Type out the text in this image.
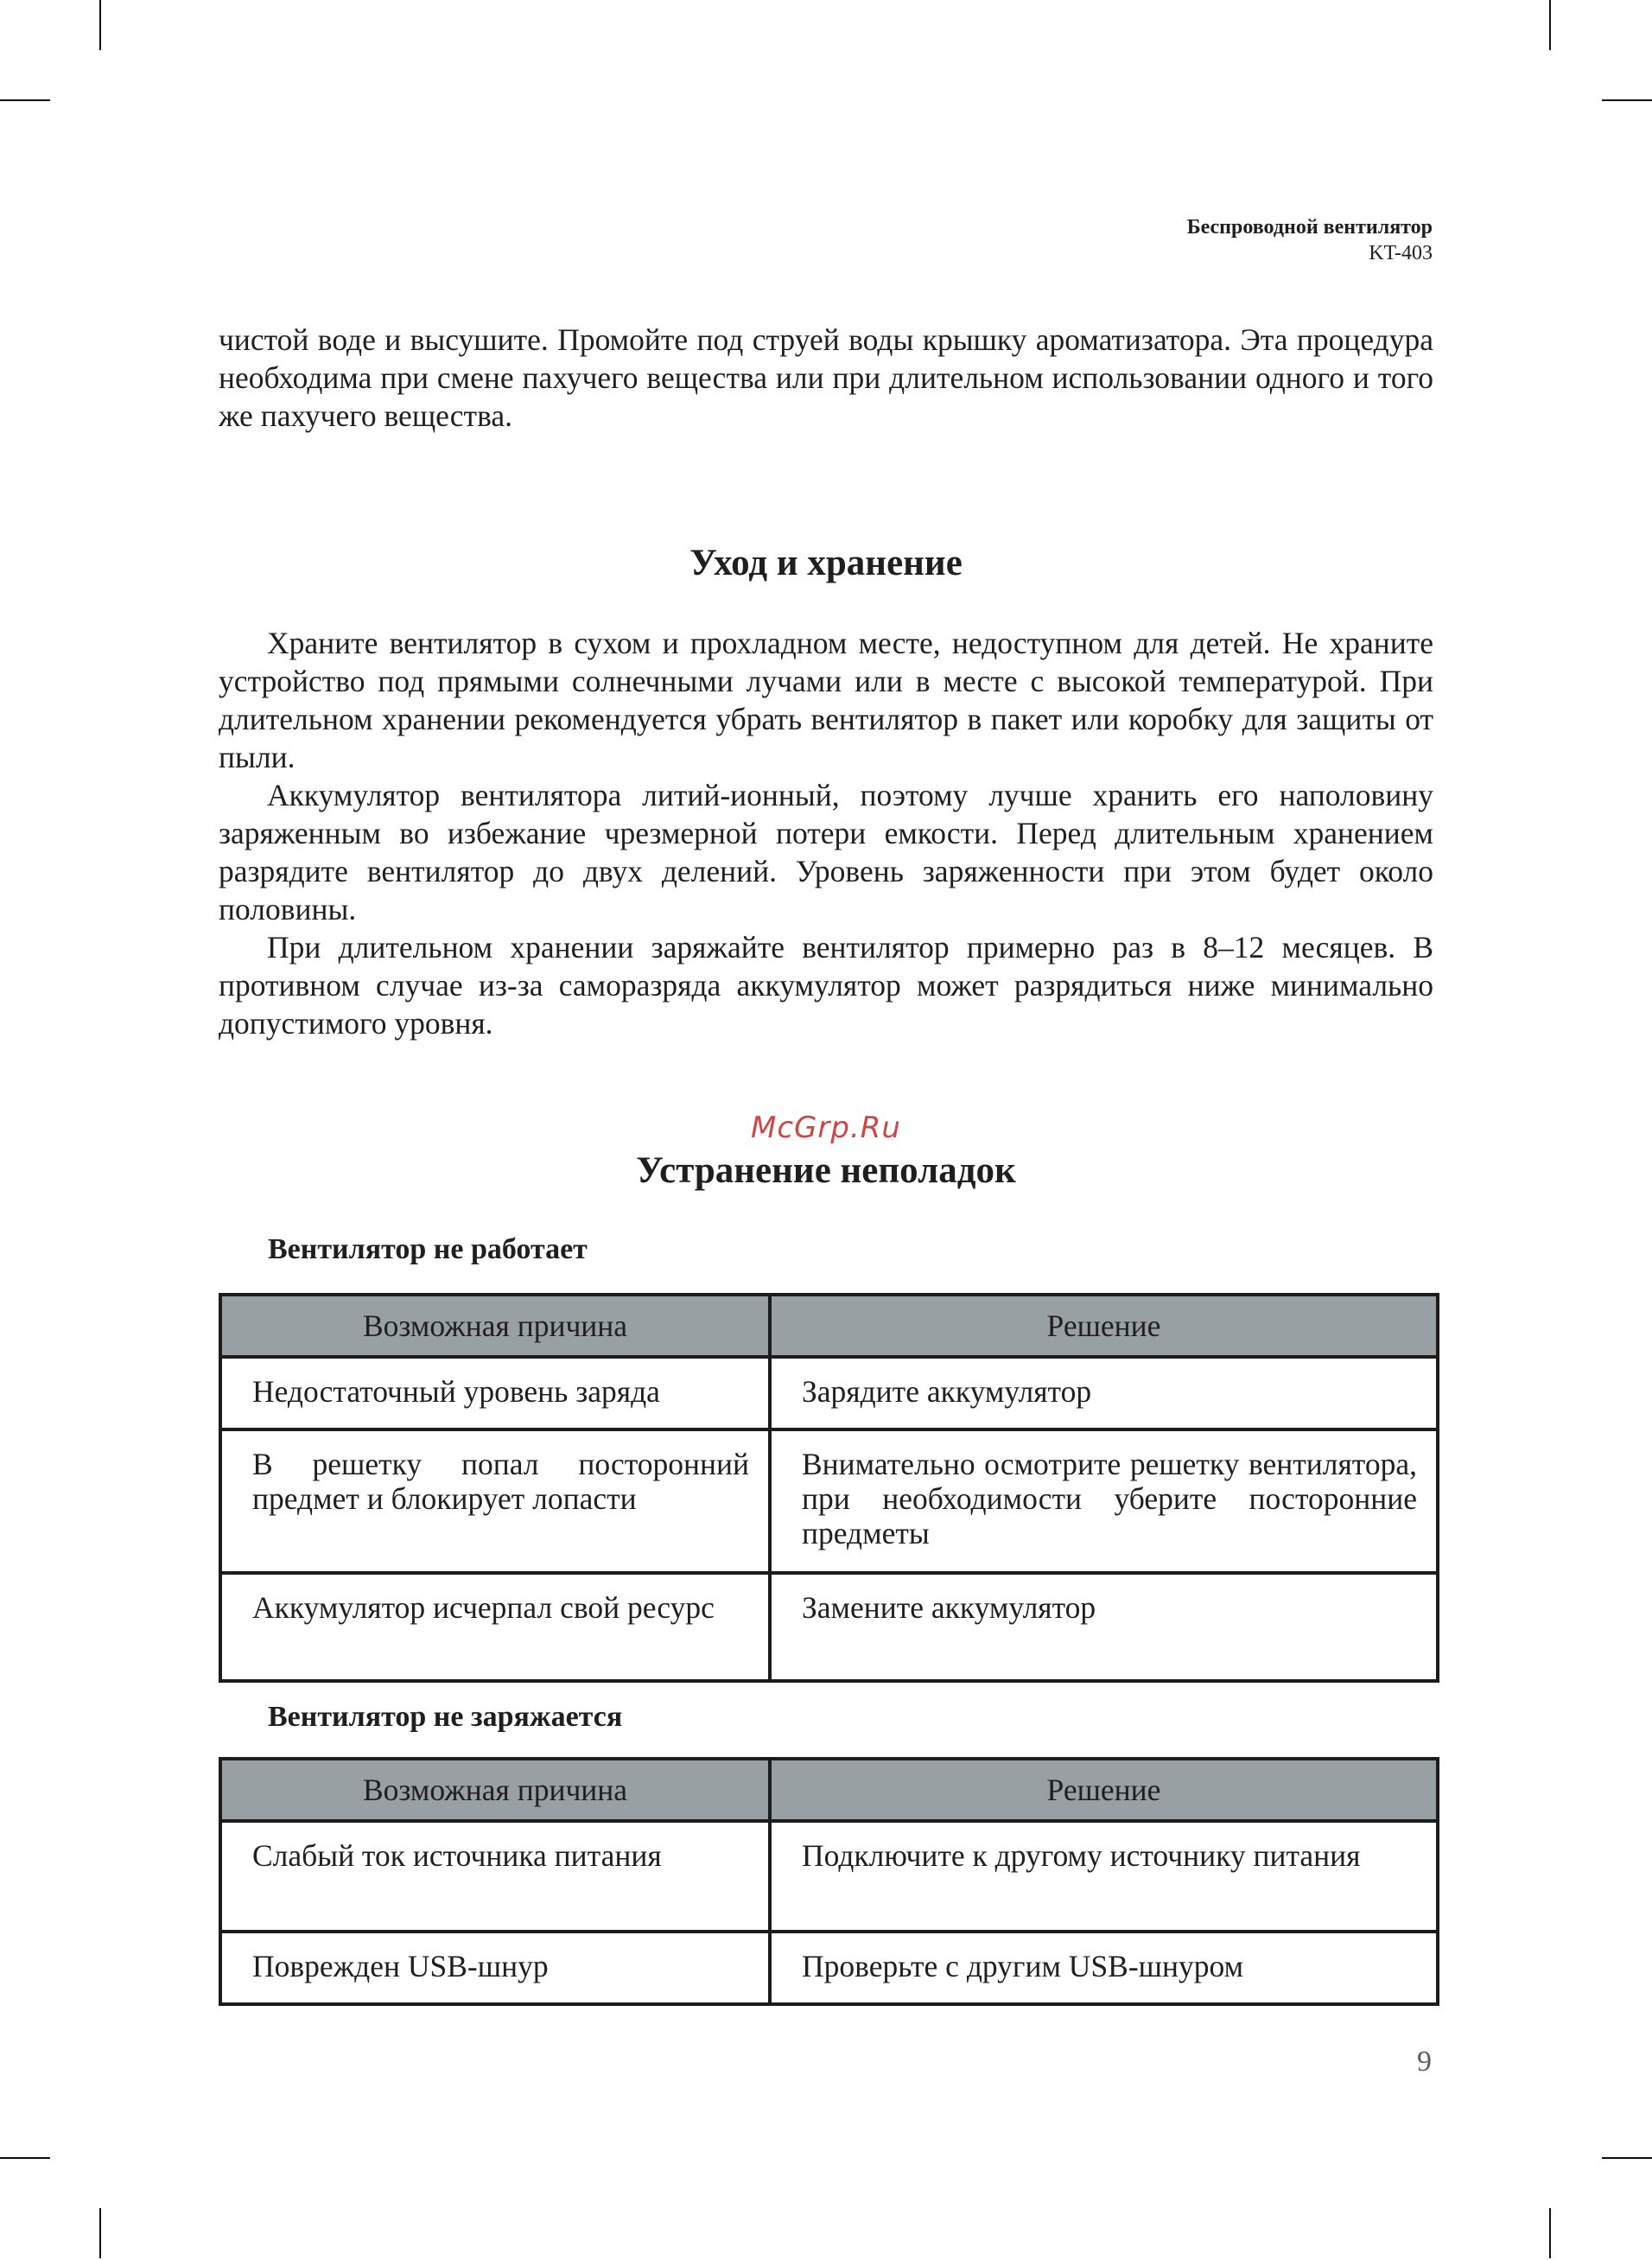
Беспроводной вентилятор
KT-403

чистой воде и высушите. Промойте под струей воды крышку ароматизатора. Эта процедура необходима при смене пахучего вещества или при длительном использовании одного и того же пахучего вещества.

Уход и хранение

Храните вентилятор в сухом и прохладном месте, недоступном для детей. Не храните устройство под прямыми солнечными лучами или в месте с высокой температурой. При длительном хранении рекомендуется убрать вентилятор в пакет или коробку для защиты от пыли.

Аккумулятор вентилятора литий-ионный, поэтому лучше хранить его наполовину заряженным во избежание чрезмерной потери емкости. Перед длительным хранением разрядите вентилятор до двух делений. Уровень заряженности при этом будет около половины.

При длительном хранении заряжайте вентилятор примерно раз в 8–12 месяцев. В противном случае из-за саморазряда аккумулятор может разрядиться ниже минимально допустимого уровня.

McGrp.Ru
Устранение неполадок

Вентилятор не работает

Возможная причина	Решение
Недостаточный уровень заряда	Зарядите аккумулятор
В решетку попал посторонний предмет и блокирует лопасти	Внимательно осмотрите решетку вентилятора, при необходимости уберите посторонние предметы
Аккумулятор исчерпал свой ресурс	Замените аккумулятор

Вентилятор не заряжается

Возможная причина	Решение
Слабый ток источника питания	Подключите к другому источнику питания
Поврежден USB-шнур	Проверьте с другим USB-шнуром
9
